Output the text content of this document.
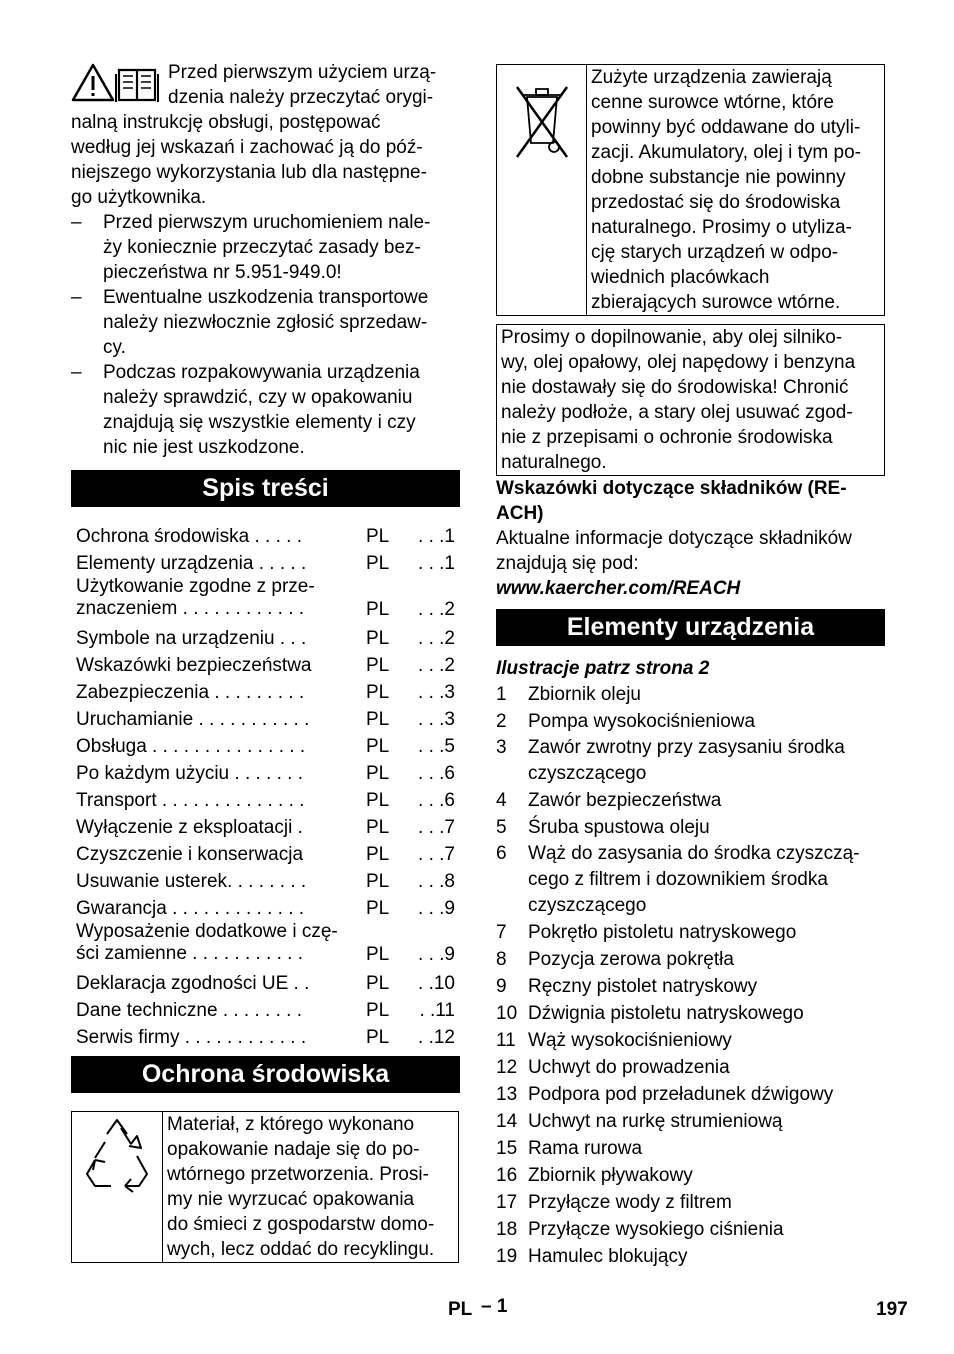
Przed pierwszym użyciem urzą-
dzenia należy przeczytać orygi-
nalną instrukcję obsługi, postępować
według jej wskazań i zachować ją do póź-
niejszego wykorzystania lub dla następne-
go użytkownika.
– Przed pierwszym uruchomieniem nale-
ży koniecznie przeczytać zasady bez-
pieczeństwa nr 5.951-949.0!
– Ewentualne uszkodzenia transportowe
należy niezwłocznie zgłosić sprzedaw-
cy.
– Podczas rozpakowywania urządzenia
należy sprawdzić, czy w opakowaniu
znajdują się wszystkie elementy i czy
nic nie jest uszkodzone.
Spis treści
Ochrona środowiska . . . . .	PL . . .1
Elementy urządzenia . . . . .	PL . . .1
Użytkowanie zgodne z prze-
znaczeniem . . . . . . . . . . . .	PL . . .2
Symbole na urządzeniu . . .	PL . . .2
Wskazówki bezpieczeństwa	PL . . .2
Zabezpieczenia . . . . . . . . .	PL . . .3
Uruchamianie . . . . . . . . . . .	PL . . .3
Obsługa . . . . . . . . . . . . . . .	PL . . .5
Po każdym użyciu . . . . . . .	PL . . .6
Transport . . . . . . . . . . . . . .	PL . . .6
Wyłączenie z eksploatacji .	PL . . .7
Czyszczenie i konserwacja	PL . . .7
Usuwanie usterek. . . . . . . .	PL . . .8
Gwarancja . . . . . . . . . . . . .	PL . . .9
Wyposażenie dodatkowe i czę-
ści zamienne . . . . . . . . . . .	PL . . .9
Deklaracja zgodności UE . .	PL . .10
Dane techniczne . . . . . . . .	PL . .11
Serwis firmy . . . . . . . . . . . .	PL . .12
Ochrona środowiska
Materiał, z którego wykonano
opakowanie nadaje się do po-
wtórnego przetworzenia. Prosi-
my nie wyrzucać opakowania
do śmieci z gospodarstw domo-
wych, lecz oddać do recyklingu.
Zużyte urządzenia zawierają
cenne surowce wtórne, które
powinny być oddawane do utyli-
zacji. Akumulatory, olej i tym po-
dobne substancje nie powinny
przedostać się do środowiska
naturalnego. Prosimy o utyliza-
cję starych urządzeń w odpo-
wiednich placówkach
zbierających surowce wtórne.
Prosimy o dopilnowanie, aby olej silniko-
wy, olej opałowy, olej napędowy i benzyna
nie dostawały się do środowiska! Chronić
należy podłoże, a stary olej usuwać zgod-
nie z przepisami o ochronie środowiska
naturalnego.
Wskazówki dotyczące składników (RE-
ACH)
Aktualne informacje dotyczące składników
znajdują się pod:
www.kaercher.com/REACH
Elementy urządzenia
Ilustracje patrz strona 2
1 Zbiornik oleju
2 Pompa wysokociśnieniowa
3 Zawór zwrotny przy zasysaniu środka
czyszczącego
4 Zawór bezpieczeństwa
5 Śruba spustowa oleju
6 Wąż do zasysania do środka czyszczą-
cego z filtrem i dozownikiem środka
czyszczącego
7 Pokrętło pistoletu natryskowego
8 Pozycja zerowa pokrętła
9 Ręczny pistolet natryskowy
10 Dźwignia pistoletu natryskowego
11 Wąż wysokociśnieniowy
12 Uchwyt do prowadzenia
13 Podpora pod przeładunek dźwigowy
14 Uchwyt na rurkę strumieniową
15 Rama rurowa
16 Zbiornik pływakowy
17 Przyłącze wody z filtrem
18 Przyłącze wysokiego ciśnienia
19 Hamulec blokujący
PL – 1	197
